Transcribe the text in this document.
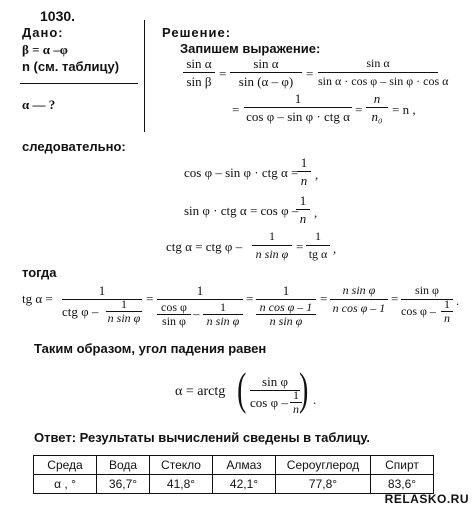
1030.
Дано:
β = α –φ
n (см. таблицу)
α — ?
Решение:
Запишем выражение:
sin α
sin β
=
sin α
sin (α – φ)
=
sin α
sin α · cos φ – sin φ · cos α
=
1
cos φ – sin φ · ctg α =
n
n₀ = n ,
следовательно:
cos φ – sin φ · ctg α =
1
n ,
sin φ · ctg α = cos φ –
1
n ,
ctg α = ctg φ –
1
n sin φ =
1
tg α ,
тогда
tg α =
1
ctg φ –	1
n sin φ
=
1
cos φ
sin φ –	1
n sin φ
=
1
n cos φ – 1
n sin φ
=
n sin φ
n cos φ – 1
=
sin φ
cos φ – 1
n
.
Таким образом, угол падения равен
α = arctg (	sin φ
cos φ – 1
n ) .
Ответ: Результаты вычислений сведены в таблицу.
Среда	Вода	Стекло	Алмаз	Сероуглерод	Спирт
α , °	36,7°	41,8°	42,1°	77,8°	83,6°
RELASKO.RU
